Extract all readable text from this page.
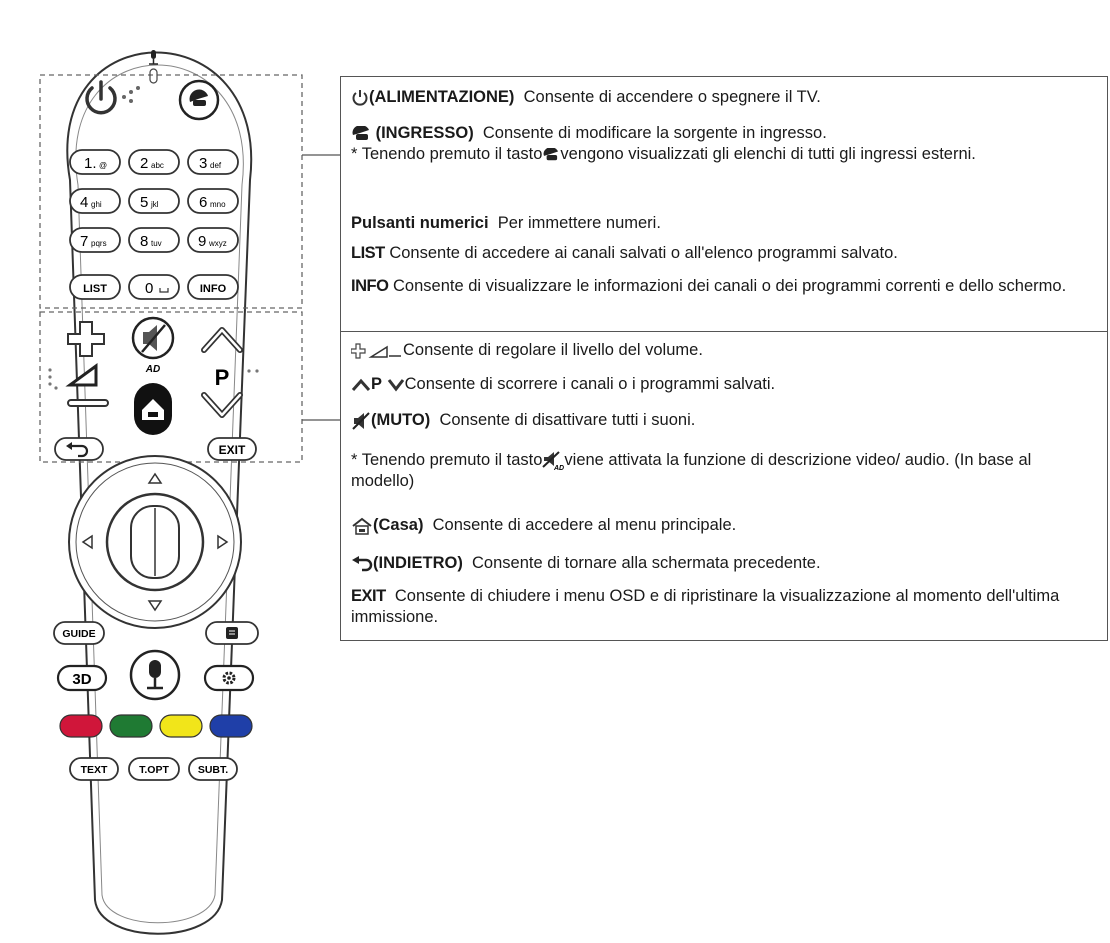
1. @ 2 abc 3 def
4 ghi	5 jkl	6 mno
7 pqrs 8 tuv 9 wxyz
LIST	0	INFO
AD P
EXIT
GUIDE
3D
TEXT	T.OPT	SUBT.
(ALIMENTAZIONE) Consente di accendere o spegnere il TV.
(INGRESSO) Consente di modificare la sorgente in ingresso.
* Tenendo premuto il tasto vengono visualizzati gli elenchi di tutti gli ingressi esterni.
Pulsanti numerici Per immettere numeri.
LIST Consente di accedere ai canali salvati o all'elenco programmi salvato.
INFO Consente di visualizzare le informazioni dei canali o dei programmi correnti e dello schermo.
Consente di regolare il livello del volume.
P Consente di scorrere i canali o i programmi salvati.
(MUTO) Consente di disattivare tutti i suoni.
* Tenendo premuto il tasto AD viene attivata la funzione di descrizione video/ audio. (In base al modello)
(Casa) Consente di accedere al menu principale.
(INDIETRO) Consente di tornare alla schermata precedente.
EXIT Consente di chiudere i menu OSD e di ripristinare la visualizzazione al momento dell'ultima immissione.
